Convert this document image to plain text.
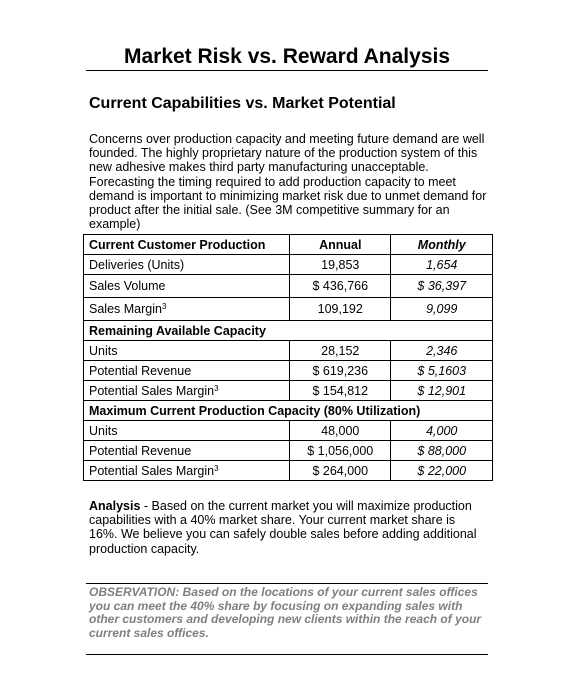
Market Risk vs. Reward Analysis
Current Capabilities vs. Market Potential
Concerns over production capacity and meeting future demand are well founded. The highly proprietary nature of the production system of this new adhesive makes third party manufacturing unacceptable. Forecasting the timing required to add production capacity to meet demand is important to minimizing market risk due to unmet demand for product after the initial sale. (See 3M competitive summary for an example)
Current Customer Production	Annual	Monthly
Deliveries (Units)	19,853	1,654
Sales Volume	$ 436,766	$ 36,397
Sales Margin$^3$	109,192	9,099
Remaining Available Capacity		
Units	28,152	2,346
Potential Revenue	$ 619,236	$ 5,1603
Potential Sales Margin$^3$	$ 154,812	$ 12,901
Maximum Current Production Capacity (80% Utilization)		
Units	48,000	4,000
Potential Revenue	$ 1,056,000	$ 88,000
Potential Sales Margin$^3$	$ 264,000	$ 22,000
Analysis - Based on the current market you will maximize production capabilities with a 40% market share. Your current market share is 16%. We believe you can safely double sales before adding additional production capacity.
OBSERVATION: Based on the locations of your current sales offices you can meet the 40% share by focusing on expanding sales with other customers and developing new clients within the reach of your current sales offices.
